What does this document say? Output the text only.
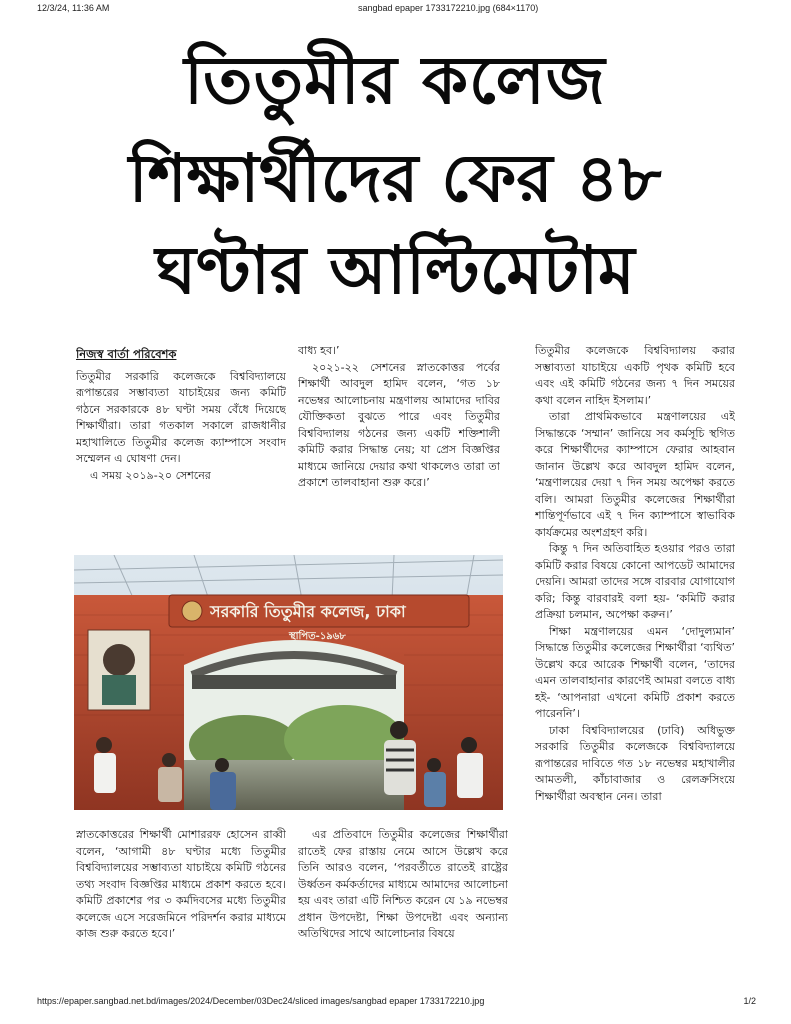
12/3/24, 11:36 AM	sangbad epaper 1733172210.jpg (684×1170)
https://epaper.sangbad.net.bd/images/2024/December/03Dec24/sliced images/sangbad epaper 1733172210.jpg	1/2
তিতুমীর কলেজ
শিক্ষার্থীদের ফের ৪৮
ঘণ্টার আল্টিমেটাম

নিজস্ব বার্তা পরিবেশক

তিতুমীর সরকারি কলেজকে বিশ্ববিদ্যালয়ে রূপান্তরের সম্ভাব্যতা যাচাইয়ের জন্য কমিটি গঠনে সরকারকে ৪৮ ঘণ্টা সময় বেঁধে দিয়েছে শিক্ষার্থীরা। তারা গতকাল সকালে রাজধানীর মহাখালিতে তিতুমীর কলেজ ক্যাম্পাসে সংবাদ সম্মেলন এ ঘোষণা দেন।

এ সময় ২০১৯-২০ সেশনের

বাধ্য হব।’

২০২১-২২ সেশনের স্নাতকোত্তর পর্বের শিক্ষার্থী আবদুল হামিদ বলেন, ‘গত ১৮ নভেম্বর আলোচনায় মন্ত্রণালয় আমাদের দাবির যৌক্তিকতা বুঝতে পারে এবং তিতুমীর বিশ্ববিদ্যালয় গঠনের জন্য একটি শক্তিশালী কমিটি করার সিদ্ধান্ত নেয়; যা প্রেস বিজ্ঞপ্তির মাধ্যমে জানিয়ে দেয়ার কথা থাকলেও তারা তা প্রকাশে তালবাহানা শুরু করে।’

তিতুমীর কলেজকে বিশ্ববিদ্যালয় করার সম্ভাব্যতা যাচাইয়ে একটি পৃথক কমিটি হবে এবং এই কমিটি গঠনের জন্য ৭ দিন সময়ের কথা বলেন নাহিদ ইসলাম।’

তারা প্রাথমিকভাবে মন্ত্রণালয়ের এই সিদ্ধান্তকে ‘সম্মান’ জানিয়ে সব কর্মসূচি স্থগিত করে শিক্ষার্থীদের ক্যাম্পাসে ফেরার আহবান জানান উল্লেখ করে আবদুল হামিদ বলেন, ‘মন্ত্রণালয়ের দেয়া ৭ দিন সময় অপেক্ষা করতে বলি। আমরা তিতুমীর কলেজের শিক্ষার্থীরা শান্তিপূর্ণভাবে এই ৭ দিন ক্যাম্পাসে স্বাভাবিক কার্যক্রমের অংশগ্রহণ করি।

কিন্তু ৭ দিন অতিবাহিত হওয়ার পরও তারা কমিটি করার বিষয়ে কোনো আপডেট আমাদের দেয়নি। আমরা তাদের সঙ্গে বারবার যোগাযোগ করি; কিন্তু বারবারই বলা হয়- ‘কমিটি করার প্রক্রিয়া চলমান, অপেক্ষা করুন।’

শিক্ষা মন্ত্রণালয়ের এমন ‘দোদুল্যমান’ সিদ্ধান্তে তিতুমীর কলেজের শিক্ষার্থীরা ‘ব্যথিত’ উল্লেখ করে আরেক শিক্ষার্থী বলেন, ‘তাদের এমন তালবাহানার কারণেই আমরা বলতে বাধ্য হই- ‘আপনারা এখনো কমিটি প্রকাশ করতে পারেননি’।

ঢাকা বিশ্ববিদ্যালয়ের (ঢাবি) অধিভুক্ত সরকারি তিতুমীর কলেজকে বিশ্ববিদ্যালয়ে রূপান্তরের দাবিতে গত ১৮ নভেম্বর মহাখালীর আমতলী, কাঁচাবাজার ও রেলক্রসিংয়ে শিক্ষার্থীরা অবস্থান নেন। তারা

সরকারি তিতুমীর কলেজ, ঢাকা
স্থাপিত-১৯৬৮

স্নাতকোত্তরের শিক্ষার্থী মোশাররফ হোসেন রাব্বী বলেন, ‘আগামী ৪৮ ঘণ্টার মধ্যে তিতুমীর বিশ্ববিদ্যালয়ের সম্ভাব্যতা যাচাইয়ে কমিটি গঠনের তথ্য সংবাদ বিজ্ঞপ্তির মাধ্যমে প্রকাশ করতে হবে। কমিটি প্রকাশের পর ৩ কর্মদিবসের মধ্যে তিতুমীর কলেজে এসে সরেজমিনে পরিদর্শন করার মাধ্যমে কাজ শুরু করতে হবে।’

এর প্রতিবাদে তিতুমীর কলেজের শিক্ষার্থীরা রাতেই ফের রাস্তায় নেমে আসে উল্লেখ করে তিনি আরও বলেন, ‘পরবর্তীতে রাতেই রাষ্ট্রের উর্ধ্বতন কর্মকর্তাদের মাধ্যমে আমাদের আলোচনা হয় এবং তারা এটি নিশ্চিত করেন যে ১৯ নভেম্বর প্রধান উপদেষ্টা, শিক্ষা উপদেষ্টা এবং অন্যান্য অতিথিদের সাথে আলোচনার বিষয়ে
